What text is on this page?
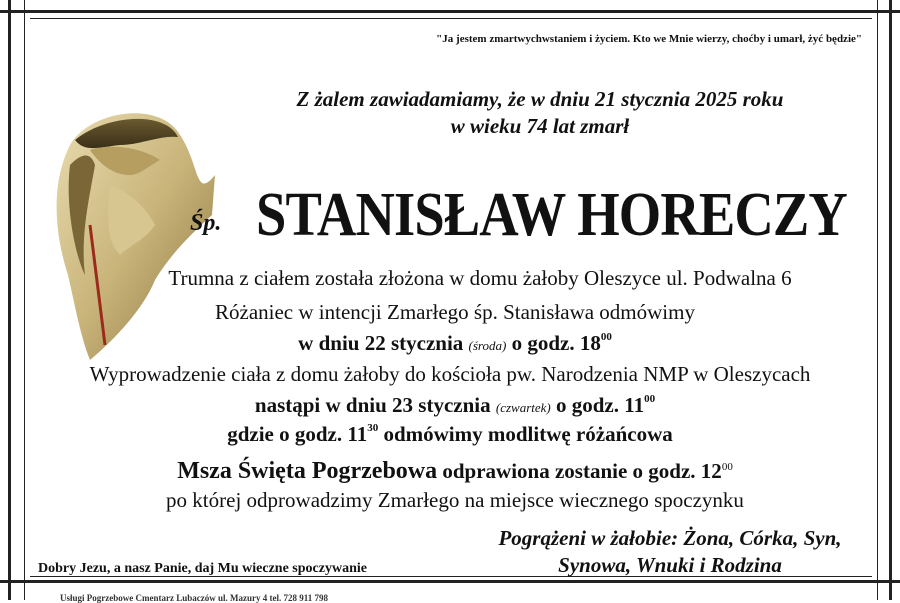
"Ja jestem zmartwychwstaniem i życiem. Kto we Mnie wierzy, choćby i umarł, żyć będzie"
Z żalem zawiadamiamy, że w dniu 21 stycznia 2025 roku
w wieku 74 lat zmarł
Śp. STANISŁAW HORECZY
Trumna z ciałem została złożona w domu żałoby Oleszyce ul. Podwalna 6
Różaniec w intencji Zmarłego śp. Stanisława odmówimy
w dniu 22 stycznia (środa) o godz. $18^{00}$
Wyprowadzenie ciała z domu żałoby do kościoła pw. Narodzenia NMP w Oleszycach
nastąpi w dniu 23 stycznia (czwartek) o godz. $11^{00}$
gdzie o godz. $11^{30}$ odmówimy modlitwę różańcowa
Msza Święta Pogrzebowa odprawiona zostanie o godz. $12^{00}$
po której odprowadzimy Zmarłego na miejsce wiecznego spoczynku
Dobry Jezu, a nasz Panie, daj Mu wieczne spoczywanie
Pogrążeni w żałobie: Żona, Córka, Syn,
Synowa, Wnuki i Rodzina
Usługi Pogrzebowe Cmentarz Lubaczów ul. Mazury 4 tel. 728 911 798
